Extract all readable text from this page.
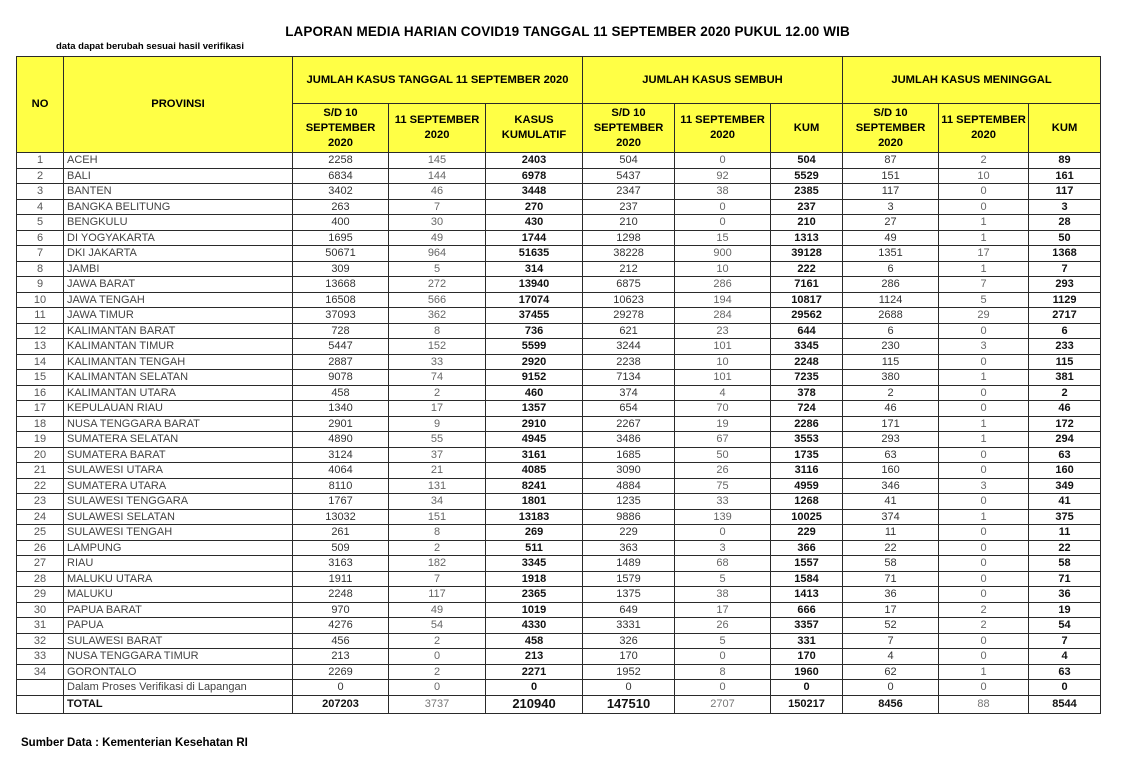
LAPORAN MEDIA HARIAN COVID19 TANGGAL 11 SEPTEMBER 2020 PUKUL 12.00 WIB
data dapat berubah sesuai hasil verifikasi
NO	PROVINSI	JUMLAH KASUS TANGGAL 11 SEPTEMBER 2020			JUMLAH KASUS SEMBUH			JUMLAH KASUS MENINGGAL		
		S/D 10 SEPTEMBER 2020	11 SEPTEMBER 2020	KASUS KUMULATIF	S/D 10 SEPTEMBER 2020	11 SEPTEMBER 2020	KUM	S/D 10 SEPTEMBER 2020	11 SEPTEMBER 2020	KUM
1	ACEH	2258	145	2403	504	0	504	87	2	89
2	BALI	6834	144	6978	5437	92	5529	151	10	161
3	BANTEN	3402	46	3448	2347	38	2385	117	0	117
4	BANGKA BELITUNG	263	7	270	237	0	237	3	0	3
5	BENGKULU	400	30	430	210	0	210	27	1	28
6	DI YOGYAKARTA	1695	49	1744	1298	15	1313	49	1	50
7	DKI JAKARTA	50671	964	51635	38228	900	39128	1351	17	1368
8	JAMBI	309	5	314	212	10	222	6	1	7
9	JAWA BARAT	13668	272	13940	6875	286	7161	286	7	293
10	JAWA TENGAH	16508	566	17074	10623	194	10817	1124	5	1129
11	JAWA TIMUR	37093	362	37455	29278	284	29562	2688	29	2717
12	KALIMANTAN BARAT	728	8	736	621	23	644	6	0	6
13	KALIMANTAN TIMUR	5447	152	5599	3244	101	3345	230	3	233
14	KALIMANTAN TENGAH	2887	33	2920	2238	10	2248	115	0	115
15	KALIMANTAN SELATAN	9078	74	9152	7134	101	7235	380	1	381
16	KALIMANTAN UTARA	458	2	460	374	4	378	2	0	2
17	KEPULAUAN RIAU	1340	17	1357	654	70	724	46	0	46
18	NUSA TENGGARA BARAT	2901	9	2910	2267	19	2286	171	1	172
19	SUMATERA SELATAN	4890	55	4945	3486	67	3553	293	1	294
20	SUMATERA BARAT	3124	37	3161	1685	50	1735	63	0	63
21	SULAWESI UTARA	4064	21	4085	3090	26	3116	160	0	160
22	SUMATERA UTARA	8110	131	8241	4884	75	4959	346	3	349
23	SULAWESI TENGGARA	1767	34	1801	1235	33	1268	41	0	41
24	SULAWESI SELATAN	13032	151	13183	9886	139	10025	374	1	375
25	SULAWESI TENGAH	261	8	269	229	0	229	11	0	11
26	LAMPUNG	509	2	511	363	3	366	22	0	22
27	RIAU	3163	182	3345	1489	68	1557	58	0	58
28	MALUKU UTARA	1911	7	1918	1579	5	1584	71	0	71
29	MALUKU	2248	117	2365	1375	38	1413	36	0	36
30	PAPUA BARAT	970	49	1019	649	17	666	17	2	19
31	PAPUA	4276	54	4330	3331	26	3357	52	2	54
32	SULAWESI BARAT	456	2	458	326	5	331	7	0	7
33	NUSA TENGGARA TIMUR	213	0	213	170	0	170	4	0	4
34	GORONTALO	2269	2	2271	1952	8	1960	62	1	63
	Dalam Proses Verifikasi di Lapangan	0	0	0	0	0	0	0	0	0
	TOTAL	207203	3737	210940	147510	2707	150217	8456	88	8544
Sumber Data : Kementerian Kesehatan RI
